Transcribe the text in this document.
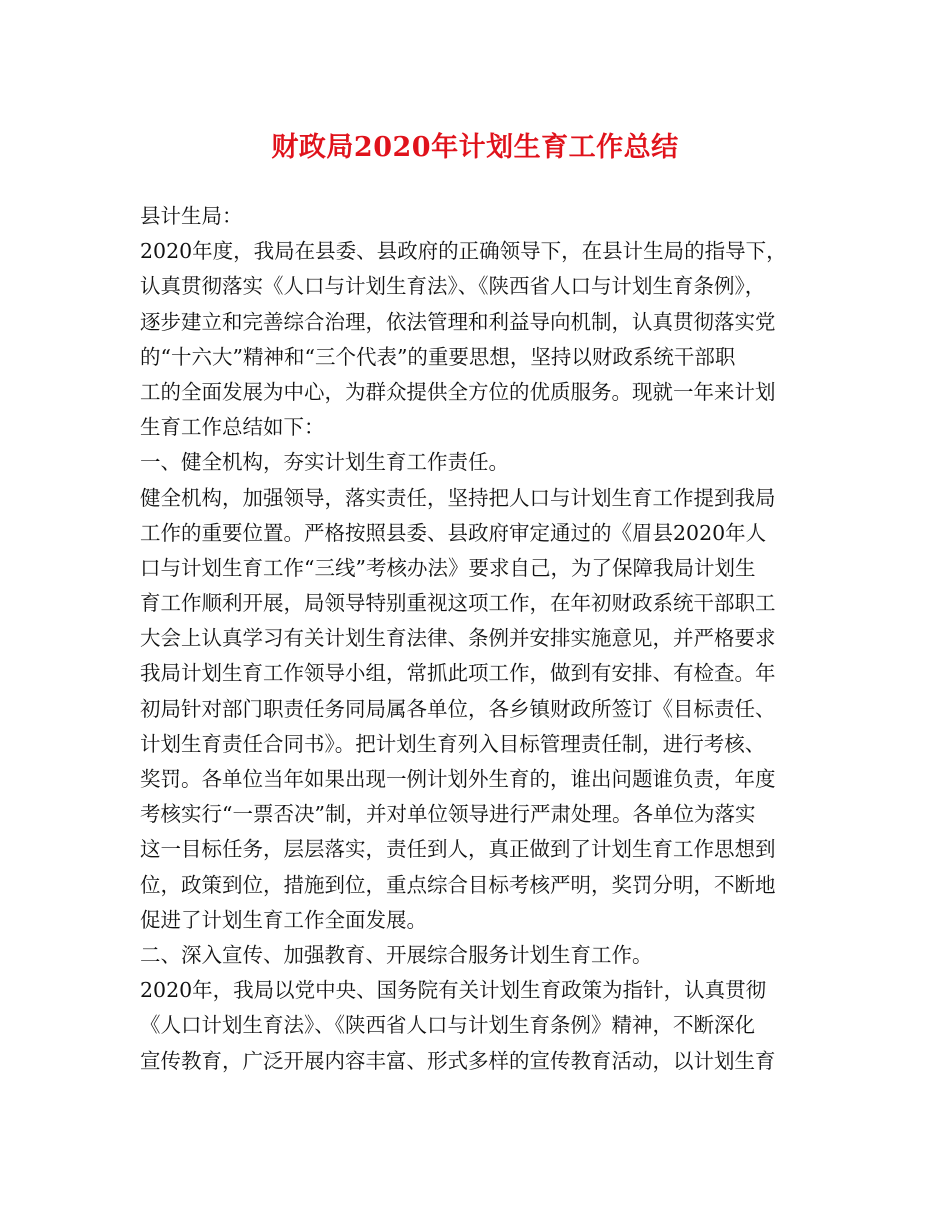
财政局2020年计划生育工作总结
县计生局：
2020年度，我局在县委、县政府的正确领导下，在县计生局的指导下，
认真贯彻落实《人口与计划生育法》、《陕西省人口与计划生育条例》，
逐步建立和完善综合治理，依法管理和利益导向机制，认真贯彻落实党
的“十六大”精神和“三个代表”的重要思想，坚持以财政系统干部职
工的全面发展为中心，为群众提供全方位的优质服务。现就一年来计划
生育工作总结如下：
一、健全机构，夯实计划生育工作责任。
健全机构，加强领导，落实责任，坚持把人口与计划生育工作提到我局
工作的重要位置。严格按照县委、县政府审定通过的《眉县2020年人
口与计划生育工作“三线”考核办法》要求自己，为了保障我局计划生
育工作顺利开展，局领导特别重视这项工作，在年初财政系统干部职工
大会上认真学习有关计划生育法律、条例并安排实施意见，并严格要求
我局计划生育工作领导小组，常抓此项工作，做到有安排、有检查。年
初局针对部门职责任务同局属各单位，各乡镇财政所签订《目标责任、
计划生育责任合同书》。把计划生育列入目标管理责任制，进行考核、
奖罚。各单位当年如果出现一例计划外生育的，谁出问题谁负责，年度
考核实行“一票否决”制，并对单位领导进行严肃处理。各单位为落实
这一目标任务，层层落实，责任到人，真正做到了计划生育工作思想到
位，政策到位，措施到位，重点综合目标考核严明，奖罚分明，不断地
促进了计划生育工作全面发展。
二、深入宣传、加强教育、开展综合服务计划生育工作。
2020年，我局以党中央、国务院有关计划生育政策为指针，认真贯彻
《人口计划生育法》、《陕西省人口与计划生育条例》精神，不断深化
宣传教育，广泛开展内容丰富、形式多样的宣传教育活动，以计划生育
